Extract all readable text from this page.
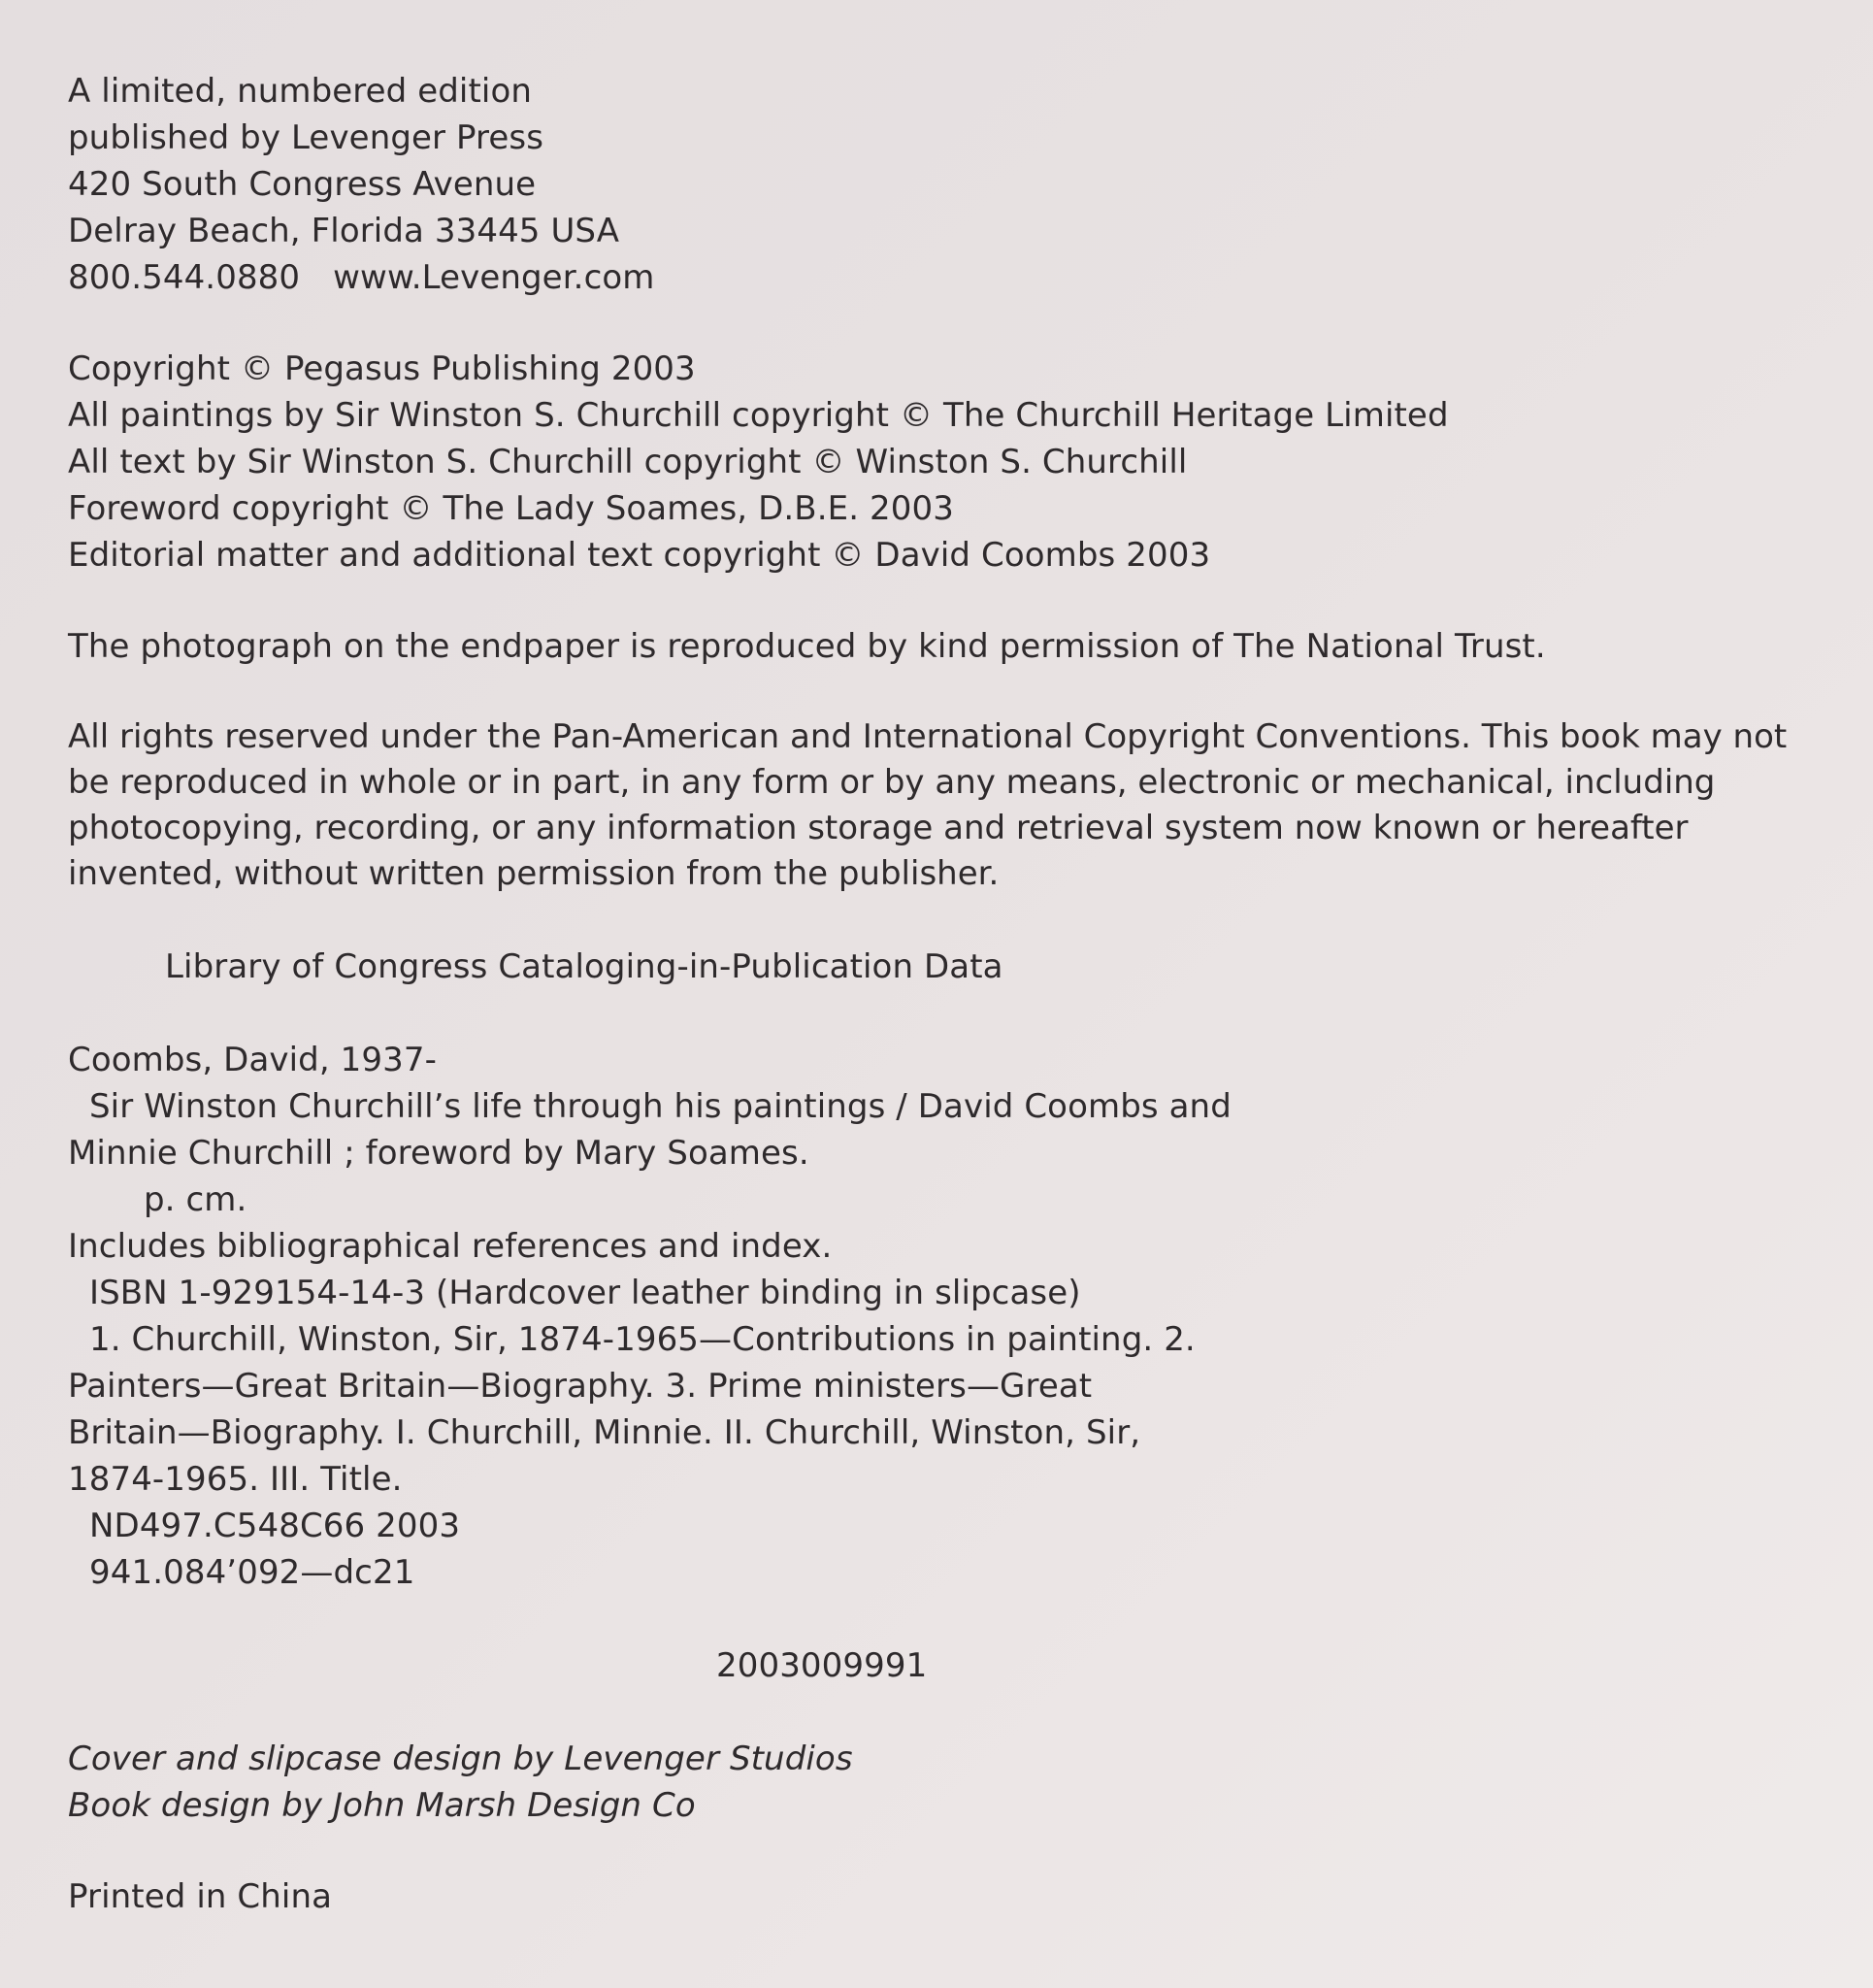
A limited, numbered edition
published by Levenger Press
420 South Congress Avenue
Delray Beach, Florida 33445 USA
800.544.0880 www.Levenger.com
Copyright © Pegasus Publishing 2003
All paintings by Sir Winston S. Churchill copyright © The Churchill Heritage Limited
All text by Sir Winston S. Churchill copyright © Winston S. Churchill
Foreword copyright © The Lady Soames, D.B.E. 2003
Editorial matter and additional text copyright © David Coombs 2003
The photograph on the endpaper is reproduced by kind permission of The National Trust.
All rights reserved under the Pan-American and International Copyright Conventions. This book may not be reproduced in whole or in part, in any form or by any means, electronic or mechanical, including photocopying, recording, or any information storage and retrieval system now known or hereafter invented, without written permission from the publisher.
Library of Congress Cataloging-in-Publication Data
Coombs, David, 1937-
Sir Winston Churchill’s life through his paintings / David Coombs and
Minnie Churchill ; foreword by Mary Soames.
p. cm.
Includes bibliographical references and index.
ISBN 1-929154-14-3 (Hardcover leather binding in slipcase)
1. Churchill, Winston, Sir, 1874-1965—Contributions in painting. 2.
Painters—Great Britain—Biography. 3. Prime ministers—Great
Britain—Biography. I. Churchill, Minnie. II. Churchill, Winston, Sir,
1874-1965. III. Title.
ND497.C548C66 2003
941.084’092—dc21
2003009991
Cover and slipcase design by Levenger Studios
Book design by John Marsh Design Co
Printed in China
